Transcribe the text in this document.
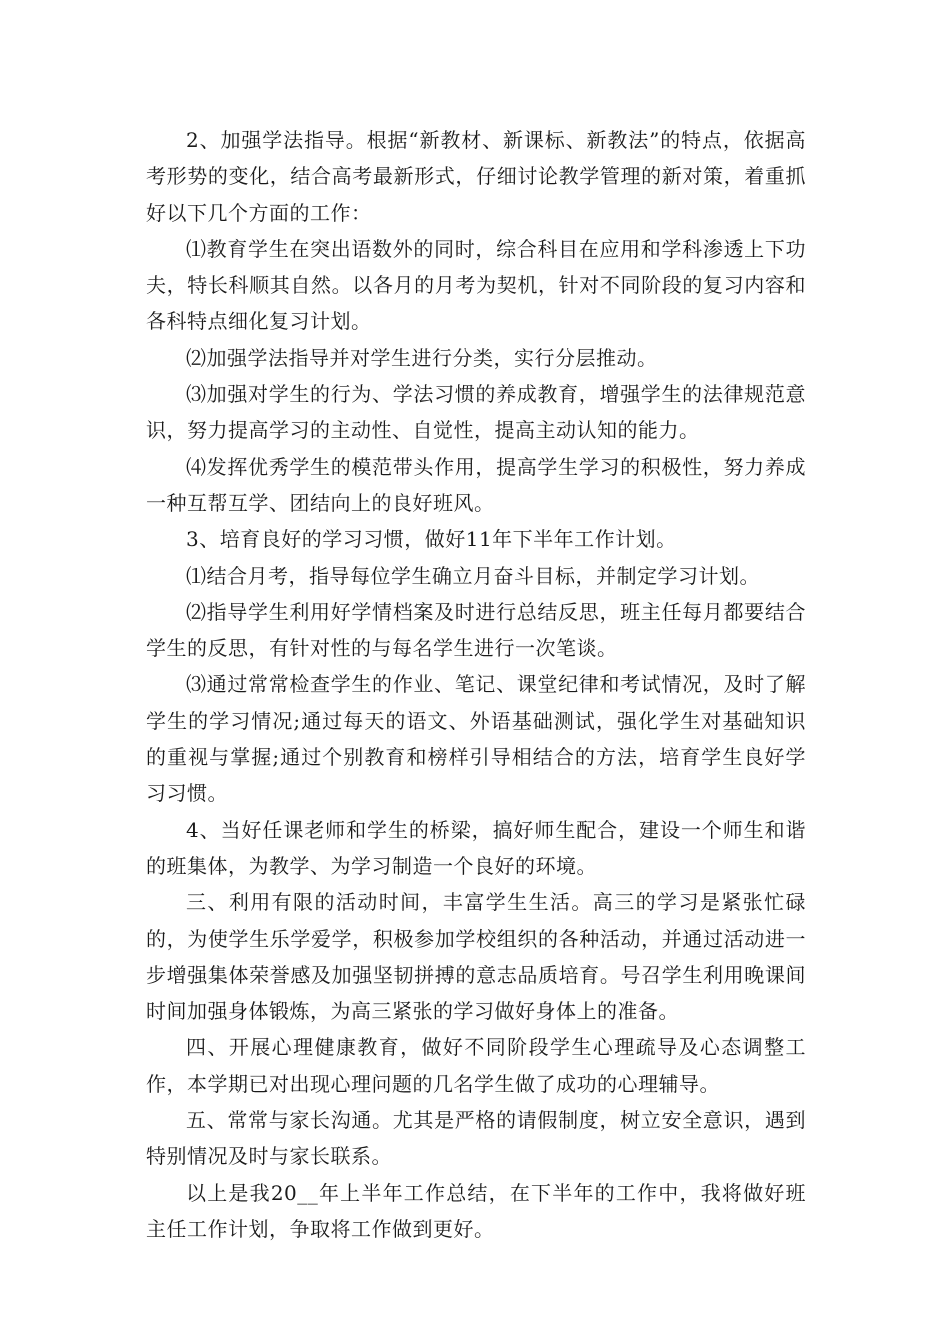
2、加强学法指导。根据“新教材、新课标、新教法”的特点，依据高考形势的变化，结合高考最新形式，仔细讨论教学管理的新对策，着重抓好以下几个方面的工作：

⑴教育学生在突出语数外的同时，综合科目在应用和学科渗透上下功夫，特长科顺其自然。以各月的月考为契机，针对不同阶段的复习内容和各科特点细化复习计划。

⑵加强学法指导并对学生进行分类，实行分层推动。

⑶加强对学生的行为、学法习惯的养成教育，增强学生的法律规范意识，努力提高学习的主动性、自觉性，提高主动认知的能力。

⑷发挥优秀学生的模范带头作用，提高学生学习的积极性，努力养成一种互帮互学、团结向上的良好班风。

3、培育良好的学习习惯，做好11年下半年工作计划。

⑴结合月考，指导每位学生确立月奋斗目标，并制定学习计划。

⑵指导学生利用好学情档案及时进行总结反思，班主任每月都要结合学生的反思，有针对性的与每名学生进行一次笔谈。

⑶通过常常检查学生的作业、笔记、课堂纪律和考试情况，及时了解学生的学习情况;通过每天的语文、外语基础测试，强化学生对基础知识的重视与掌握;通过个别教育和榜样引导相结合的方法，培育学生良好学习习惯。

4、当好任课老师和学生的桥梁，搞好师生配合，建设一个师生和谐的班集体，为教学、为学习制造一个良好的环境。

三、利用有限的活动时间，丰富学生生活。高三的学习是紧张忙碌的，为使学生乐学爱学，积极参加学校组织的各种活动，并通过活动进一步增强集体荣誉感及加强坚韧拼搏的意志品质培育。号召学生利用晚课间时间加强身体锻炼，为高三紧张的学习做好身体上的准备。

四、开展心理健康教育，做好不同阶段学生心理疏导及心态调整工作，本学期已对出现心理问题的几名学生做了成功的心理辅导。

五、常常与家长沟通。尤其是严格的请假制度，树立安全意识，遇到特别情况及时与家长联系。

以上是我20__年上半年工作总结，在下半年的工作中，我将做好班主任工作计划，争取将工作做到更好。
